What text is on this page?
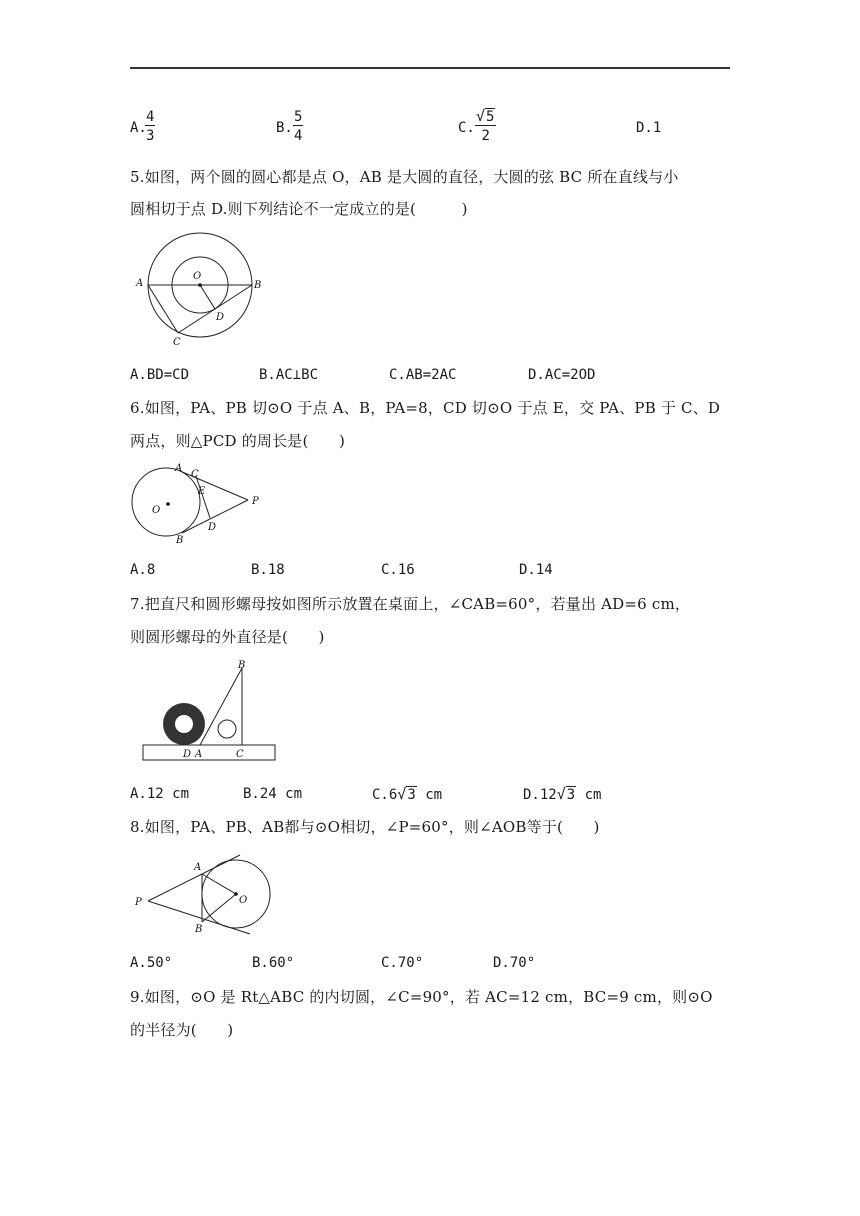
A.
$\frac{4}{3}$	B. $\frac{5}{4}$	C. $\frac{√5}{2}$	D.1
5.如图，两个圆的圆心都是点 O，AB 是大圆的直径，大圆的弦 BC 所在直线与小
圆相切于点 D.则下列结论不一定成立的是(　　　)
A	B
C
D
O
A.BD=CD	B.AC⊥BC	C.AB=2AC	D.AC=2OD
6.如图，PA、PB 切⊙O 于点 A、B，PA=8，CD 切⊙O 于点 E，交 PA、PB 于 C、D
两点，则△PCD 的周长是(　　)
O
A
C
E
P
D
B
A.8	B.18	C.16	D.14
7.把直尺和圆形螺母按如图所示放置在桌面上，∠CAB=60°，若量出 AD=6 cm，
则圆形螺母的外直径是(　　)
B
D A	C
A.12 cm	B.24 cm	C.6√3 cm	D.12√3 cm
8.如图，PA、PB、AB都与⊙O相切，∠P=60°，则∠AOB等于(　　)
A
P	O
B
A.50°	B.60°	C.70°	D.70°
9.如图，⊙O 是 Rt△ABC 的内切圆，∠C=90°，若 AC=12 cm，BC=9 cm，则⊙O
的半径为(　　)
